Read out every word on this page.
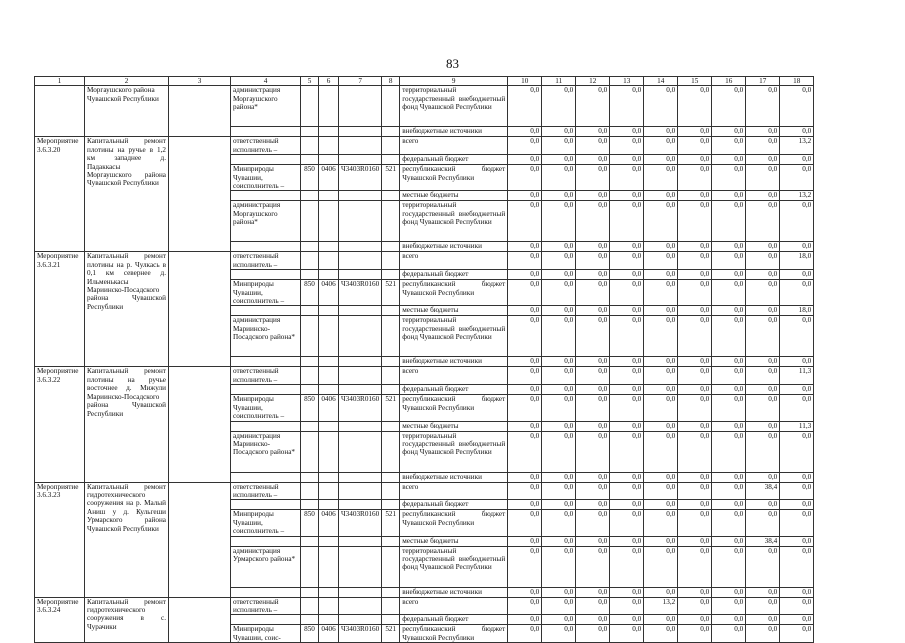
83
1	2	3	4	5	6	7	8	9	10	11	12	13	14	15	16	17	18
	Моргаушского района Чувашской Республики		администрация Моргаушского района*					территориальный государственный внебюджетный фонд Чувашской Республики	0,0	0,0	0,0	0,0	0,0	0,0	0,0	0,0	0,0
								внебюджетные источники	0,0	0,0	0,0	0,0	0,0	0,0	0,0	0,0	0,0
Мероприятие 3.6.3.20	Капитальный ремонт плотины на ручье в 1,2 км западнее д. Падаккасы Моргаушского района Чувашской Республики		ответственный исполнитель –					всего	0,0	0,0	0,0	0,0	0,0	0,0	0,0	0,0	13,2
								федеральный бюджет	0,0	0,0	0,0	0,0	0,0	0,0	0,0	0,0	0,0
			Минприроды Чувашии, соисполнитель –	850	0406	Ч3403R0160	521	республиканский бюджет Чувашской Республики	0,0	0,0	0,0	0,0	0,0	0,0	0,0	0,0	0,0
								местные бюджеты	0,0	0,0	0,0	0,0	0,0	0,0	0,0	0,0	13,2
			администрация Моргаушского района*					территориальный государственный внебюджетный фонд Чувашской Республики	0,0	0,0	0,0	0,0	0,0	0,0	0,0	0,0	0,0
								внебюджетные источники	0,0	0,0	0,0	0,0	0,0	0,0	0,0	0,0	0,0
Мероприятие 3.6.3.21	Капитальный ремонт плотины на р. Чулкась в 0,1 км севернее д. Ильменькасы Мариинско-Посадского района Чувашской Республики		ответственный исполнитель –					всего	0,0	0,0	0,0	0,0	0,0	0,0	0,0	0,0	18,0
								федеральный бюджет	0,0	0,0	0,0	0,0	0,0	0,0	0,0	0,0	0,0
			Минприроды Чувашии, соисполнитель –	850	0406	Ч3403R0160	521	республиканский бюджет Чувашской Республики	0,0	0,0	0,0	0,0	0,0	0,0	0,0	0,0	0,0
								местные бюджеты	0,0	0,0	0,0	0,0	0,0	0,0	0,0	0,0	18,0
			администрация Мариинско-Посадского района*					территориальный государственный внебюджетный фонд Чувашской Республики	0,0	0,0	0,0	0,0	0,0	0,0	0,0	0,0	0,0
								внебюджетные источники	0,0	0,0	0,0	0,0	0,0	0,0	0,0	0,0	0,0
Мероприятие 3.6.3.22	Капитальный ремонт плотины на ручье восточнее д. Мижули Мариинско-Посадского района Чувашской Республики		ответственный исполнитель –					всего	0,0	0,0	0,0	0,0	0,0	0,0	0,0	0,0	11,3
								федеральный бюджет	0,0	0,0	0,0	0,0	0,0	0,0	0,0	0,0	0,0
			Минприроды Чувашии, соисполнитель –	850	0406	Ч3403R0160	521	республиканский бюджет Чувашской Республики	0,0	0,0	0,0	0,0	0,0	0,0	0,0	0,0	0,0
								местные бюджеты	0,0	0,0	0,0	0,0	0,0	0,0	0,0	0,0	11,3
			администрация Мариинско-Посадского района*					территориальный государственный внебюджетный фонд Чувашской Республики	0,0	0,0	0,0	0,0	0,0	0,0	0,0	0,0	0,0
								внебюджетные источники	0,0	0,0	0,0	0,0	0,0	0,0	0,0	0,0	0,0
Мероприятие 3.6.3.23	Капитальный ремонт гидротехнического сооружения на р. Малый Аниш у д. Кульгеши Урмарского района Чувашской Республики		ответственный исполнитель –					всего	0,0	0,0	0,0	0,0	0,0	0,0	0,0	38,4	0,0
								федеральный бюджет	0,0	0,0	0,0	0,0	0,0	0,0	0,0	0,0	0,0
			Минприроды Чувашии, соисполнитель –	850	0406	Ч3403R0160	521	республиканский бюджет Чувашской Республики	0,0	0,0	0,0	0,0	0,0	0,0	0,0	0,0	0,0
								местные бюджеты	0,0	0,0	0,0	0,0	0,0	0,0	0,0	38,4	0,0
			администрация Урмарского района*					территориальный государственный внебюджетный фонд Чувашской Республики	0,0	0,0	0,0	0,0	0,0	0,0	0,0	0,0	0,0
								внебюджетные источники	0,0	0,0	0,0	0,0	0,0	0,0	0,0	0,0	0,0
Мероприятие 3.6.3.24	Капитальный ремонт гидротехнического сооружения в с. Чурачики		ответственный исполнитель –					всего	0,0	0,0	0,0	0,0	13,2	0,0	0,0	0,0	0,0
								федеральный бюджет	0,0	0,0	0,0	0,0	0,0	0,0	0,0	0,0	0,0
			Минприроды Чувашии, соис-	850	0406	Ч3403R0160	521	республиканский бюджет Чувашской Республики	0,0	0,0	0,0	0,0	0,0	0,0	0,0	0,0	0,0
